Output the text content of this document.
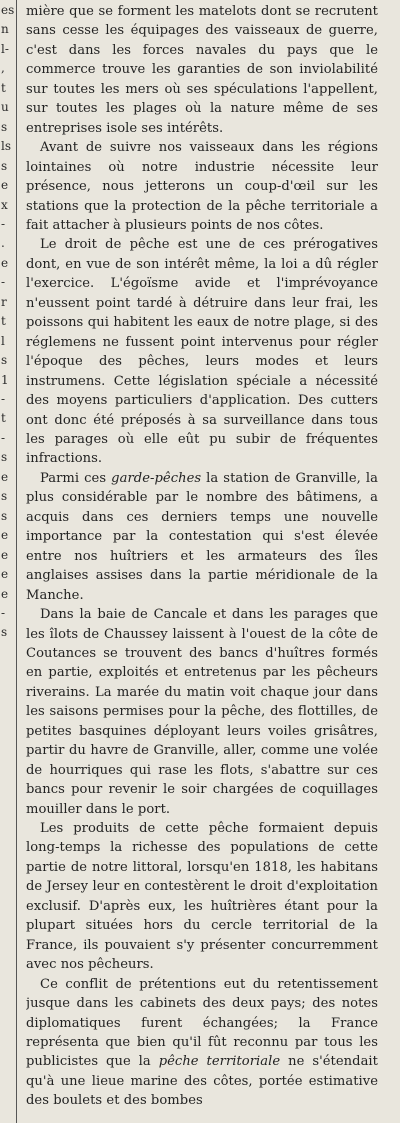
es
n
l-
,
t
u
s
ls
s
e
x
-
.
e
-
r
t
l
s
1
-
t
-
s
e
s
s
e
e
e
e
-
s

mière que se forment les matelots dont se recrutent sans cesse les équipages des vaisseaux de guerre, c'est dans les forces navales du pays que le commerce trouve les garanties de son inviolabilité sur toutes les mers où ses spéculations l'appellent, sur toutes les plages où la nature même de ses entreprises isole ses intérêts.

Avant de suivre nos vaisseaux dans les régions lointaines où notre industrie nécessite leur présence, nous jetterons un coup-d'œil sur les stations que la protection de la pêche territoriale a fait attacher à plusieurs points de nos côtes.

Le droit de pêche est une de ces prérogatives dont, en vue de son intérêt même, la loi a dû régler l'exercice. L'égoïsme avide et l'imprévoyance n'eussent point tardé à détruire dans leur frai, les poissons qui habitent les eaux de notre plage, si des réglemens ne fussent point intervenus pour régler l'époque des pêches, leurs modes et leurs instrumens. Cette législation spéciale a nécessité des moyens particuliers d'application. Des cutters ont donc été préposés à sa surveillance dans tous les parages où elle eût pu subir de fréquentes infractions.

Parmi ces garde-pêches la station de Granville, la plus considérable par le nombre des bâtimens, a acquis dans ces derniers temps une nouvelle importance par la contestation qui s'est élevée entre nos huîtriers et les armateurs des îles anglaises assises dans la partie méridionale de la Manche.

Dans la baie de Cancale et dans les parages que les îlots de Chaussey laissent à l'ouest de la côte de Coutances se trouvent des bancs d'huîtres formés en partie, exploités et entretenus par les pêcheurs riverains. La marée du matin voit chaque jour dans les saisons permises pour la pêche, des flottilles, de petites basquines déployant leurs voiles grisâtres, partir du havre de Granville, aller, comme une volée de hourriques qui rase les flots, s'abattre sur ces bancs pour revenir le soir chargées de coquillages mouiller dans le port.

Les produits de cette pêche formaient depuis long-temps la richesse des populations de cette partie de notre littoral, lorsqu'en 1818, les habitans de Jersey leur en contestèrent le droit d'exploitation exclusif. D'après eux, les huîtrières étant pour la plupart situées hors du cercle territorial de la France, ils pouvaient s'y présenter concurremment avec nos pêcheurs.

Ce conflit de prétentions eut du retentissement jusque dans les cabinets des deux pays; des notes diplomatiques furent échangées; la France représenta que bien qu'il fût reconnu par tous les publicistes que la pêche territoriale ne s'étendait qu'à une lieue marine des côtes, portée estimative des boulets et des bombes
